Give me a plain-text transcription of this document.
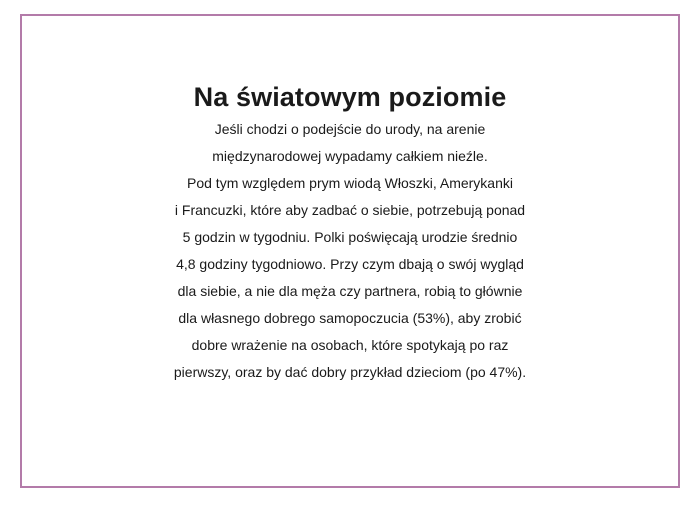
Na światowym poziomie

Jeśli chodzi o podejście do urody, na arenie
międzynarodowej wypadamy całkiem nieźle.
Pod tym względem prym wiodą Włoszki, Amerykanki
i Francuzki, które aby zadbać o siebie, potrzebują ponad
5 godzin w tygodniu. Polki poświęcają urodzie średnio
4,8 godziny tygodniowo. Przy czym dbają o swój wygląd
dla siebie, a nie dla męża czy partnera, robią to głównie
dla własnego dobrego samopoczucia (53%), aby zrobić
dobre wrażenie na osobach, które spotykają po raz
pierwszy, oraz by dać dobry przykład dzieciom (po 47%).
